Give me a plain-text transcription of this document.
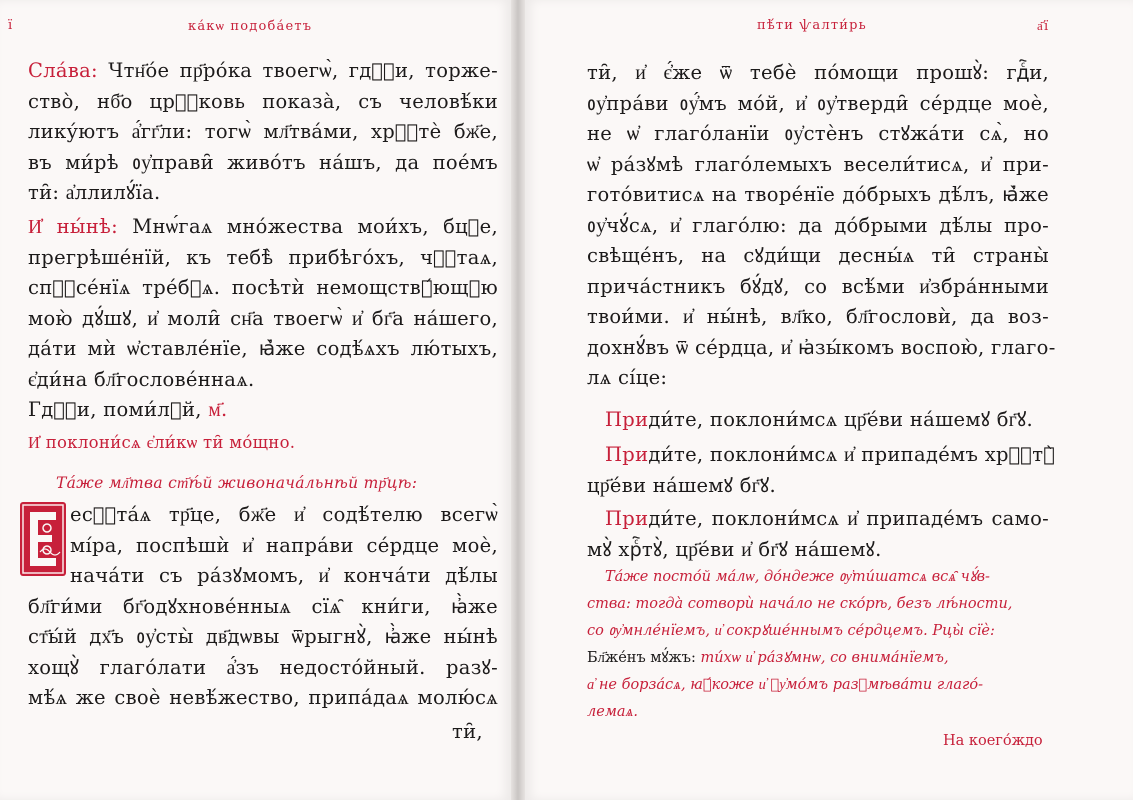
ї	ка́кѡ подоба́етъ
Сла́ва: Чтн҃о́е пр҃ро́ка твоегѡ̀, гдⷭ҇и, торже-
ство̀, нб҃о црⷭ҇ковь показа̀, съ человѣ́ки
лику́ютъ а҆́гг҃ли: тогѡ̀ мл҃тва́ми, хрⷭ҇тѐ бж҃е,
въ ми́рѣ ᲂу҆прави̑ живо́тъ на́шъ, да пое́мъ
ти̑: а҆ллилꙋ́їа.
И҆ ны́нѣ: Мнѡ́гаѧ мно́жества мои́хъ, бцⷣе,
прегрѣше́нїй, къ тебѣ̀ прибѣго́хъ, чⷭ҇таѧ,
спⷭ҇се́нїѧ тре́бꙋѧ. посѣтѝ немощствꙋ́ющꙋю
мою̀ дꙋ́шꙋ, и҆ моли̑ сн҃а твоегѡ̀ и҆ бг҃а на́шего,
да́ти мѝ ѡ҆ставле́нїе, ꙗ҆̀же содѣ́ѧхъ лю́тыхъ,
є҆ди́на бл҃гослове́ннаѧ.
Гдⷭ҇и, поми́лꙋй, м҃.
И҆ поклони́сѧ є҆ли́кѡ ти̑ мо́щно.
Та́же мл҃тва ст҃ѣ́й живонача́льнѣй тр҃цѣ:
есⷭ҇та́ѧ тр҃це, бж҃е и҆ содѣ́телю всегѡ̀
мі́ра, поспѣшѝ и҆ напра́ви се́рдце моѐ,
нача́ти съ ра́зꙋмомъ, и҆ конча́ти дѣ́лы
бл҃ги́ми бг҃одꙋхнове́нныѧ сїѧ̑ кни́ги, ꙗ҆̀же
ст҃ы́й дх҃ъ ᲂу҆сты̀ дв҃дѡвы ѿрыгнꙋ̀, ꙗ҆̀же ны́нѣ
хощꙋ̀ глаго́лати а҆́зъ недосто́йный. разꙋ-
мѣ́ѧ же своѐ невѣ́жество, припа́даѧ молю́сѧ
ти̑,
пѣ́ти ѱалти́рь	а҃ї
ти̑, и҆ є҆́же ѿ тебѐ по́мощи прошꙋ̀: гдⷭ҇и,
ᲂу҆пра́ви ᲂу҆́мъ мо́й, и҆ ᲂу҆тверди̑ се́рдце моѐ,
не ѡ҆ глаго́ланїи ᲂу҆стѐнъ стꙋжа́ти сѧ̀, но
ѡ҆ ра́зꙋмѣ глаго́лемыхъ весели́тисѧ, и҆ при-
гото́витисѧ на творе́нїе до́брыхъ дѣ́лъ, ꙗ҆̀же
ᲂу҆чꙋ́сѧ, и҆ глаго́лю: да до́брыми дѣ́лы про-
свѣще́нъ, на сꙋди́щи десны́ѧ ти̑ страны̀
прича́стникъ бꙋ́дꙋ, со всѣ́ми и҆збра́нными
твои́ми. и҆ ны́нѣ, вл҃ко, бл҃гословѝ, да воз-
дохнꙋ́въ ѿ се́рдца, и҆ ꙗ҆зы́комъ воспою̀, глаго-
лѧ сі́це:
Приди́те, поклони́мсѧ цр҃е́ви на́шемꙋ бг҃ꙋ.
Приди́те, поклони́мсѧ и҆ припаде́мъ хрⷭ҇тꙋ̀
цр҃е́ви на́шемꙋ бг҃ꙋ.
Приди́те, поклони́мсѧ и҆ припаде́мъ само-
мꙋ̀ хрⷭ҇тꙋ̀, цр҃е́ви и҆ бг҃ꙋ на́шемꙋ.
Та́же посто́й ма́лѡ, до́ндеже ᲂу҆ти́шатсѧ всѧ̑ чꙋ́в-
ства: тогда̀ сотворѝ нача́ло не ско́рѣ, безъ лѣ́ности,
со ᲂу҆мнле́нїемъ, и҆ сокрꙋше́ннымъ се́рдцемъ. Рцы̀ сїѐ:
Бл҃же́нъ мꙋ́жъ: ти́хѡ и҆ ра́зꙋмнѡ, со внима́нїемъ,
а҆ не борза́сѧ, ꙗ҆́коже и҆ ᲂу҆мо́мъ разꙋмѣва́ти глаго́-
лемаѧ.
На коего́ждо
